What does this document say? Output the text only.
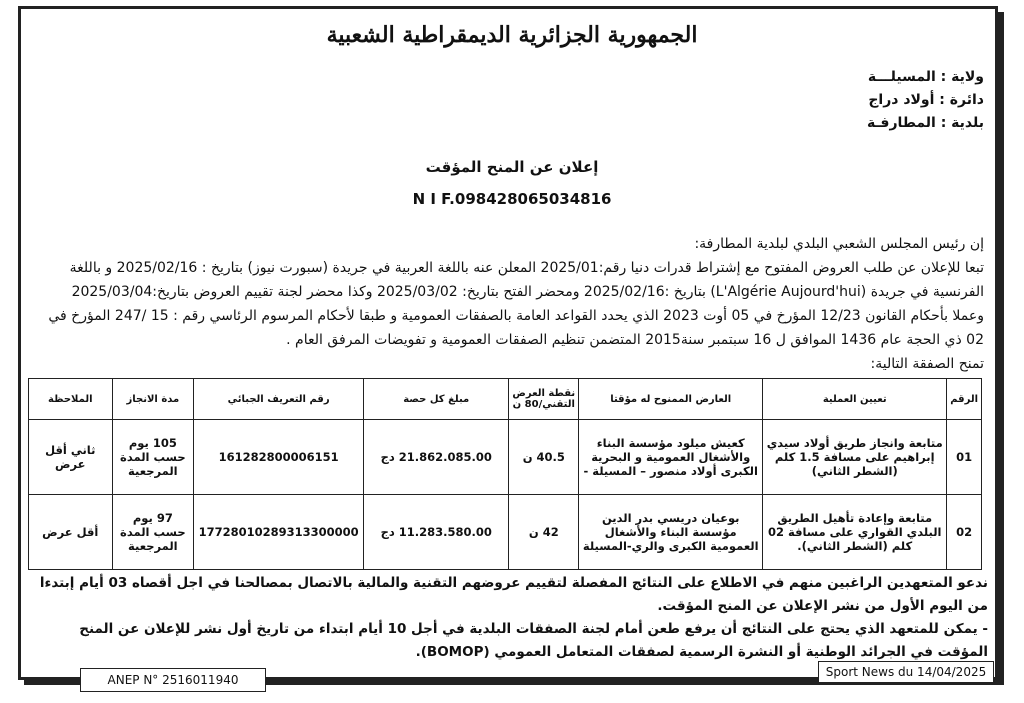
الجمهورية الجزائرية الديمقراطية الشعبية
ولاية : المسيلـــة
دائرة : أولاد دراج
بلدية : المطارفـة
إعلان عن المنح المؤقت
N I F.098428065034816

إن رئيس المجلس الشعبي البلدي لبلدية المطارفة:

تبعا للإعلان عن طلب العروض المفتوح مع إشتراط قدرات دنيا رقم:2025/01 المعلن عنه باللغة العربية في جريدة (سبورت نيوز) بتاريخ : 2025/02/16 و باللغة الفرنسية في جريدة (L'Algérie Aujourd'hui) بتاريخ :2025/02/16 ومحضر الفتح بتاريخ: 2025/03/02 وكذا محضر لجنة تقييم العروض بتاريخ:2025/03/04

وعملا بأحكام القانون 12/23 المؤرخ في 05 أوت 2023 الذي يحدد القواعد العامة بالصفقات العمومية و طبقا لأحكام المرسوم الرئاسي رقم : 15 /247 المؤرخ في 02 ذي الحجة عام 1436 الموافق ل 16 سبتمبر سنة2015 المتضمن تنظيم الصفقات العمومية و تفويضات المرفق العام .

تمنح الصفقة التالية:

الرقم	تعيين العملية	العارض الممنوح له مؤقتا	نقطة العرض التقني/80 ن	مبلغ كل حصة	رقم التعريف الجبائي	مدة الانجاز	الملاحظة
01	متابعة وانجاز طريق أولاد سيدي إبراهيم على مسافة 1.5 كلم (الشطر الثاني)	كعيش ميلود مؤسسة البناء والأشغال العمومية و البحرية الكبرى أولاد منصور – المسيلة -	40.5 ن	21.862.085.00 دج	161282800006151	105 يوم حسب المدة المرجعية	ثاني أقل عرض
02	متابعة وإعادة تأهيل الطريق البلدي القواري على مسافة 02 كلم (الشطر الثاني).	بوعيان دريسي بدر الدين مؤسسة البناء والأشغال العمومية الكبرى والري-المسيلة	42 ن	11.283.580.00 دج	17728010289313300000	97 يوم حسب المدة المرجعية	أقل عرض

ندعو المتعهدين الراغبين منهم في الاطلاع على النتائج المفصلة لتقييم عروضهم التقنية والمالية بالاتصال بمصالحنا في اجل أقصاه 03 أيام إبتدءا من اليوم الأول من نشر الإعلان عن المنح المؤقت.

- يمكن للمتعهد الذي يحتج على النتائج أن يرفع طعن أمام لجنة الصفقات البلدية في أجل 10 أيام ابتداء من تاريخ أول نشر للإعلان عن المنح المؤقت في الجرائد الوطنية أو النشرة الرسمية لصفقات المتعامل العمومي (BOMOP).

ANEP N° 2516011940
Sport News du 14/04/2025
